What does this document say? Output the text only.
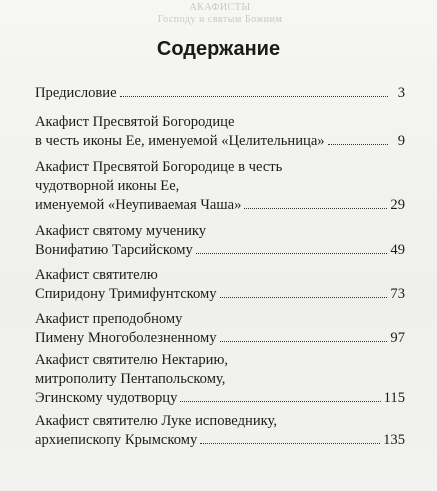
АКАФИСТЫ
Господу и святым Божиим
Содержание
Предисловие	3
Акафист Пресвятой Богородице
в честь иконы Ее, именуемой «Целительница»	9
Акафист Пресвятой Богородице в честь
чудотворной иконы Ее,
именуемой «Неупиваемая Чаша»	29
Акафист святому мученику
Вонифатию Тарсийскому	49
Акафист святителю
Спиридону Тримифунтскому	73
Акафист преподобному
Пимену Многоболезненному	97
Акафист святителю Нектарию,
митрополиту Пентапольскому,
Эгинскому чудотворцу	115
Акафист святителю Луке исповеднику,
архиепископу Крымскому	135
